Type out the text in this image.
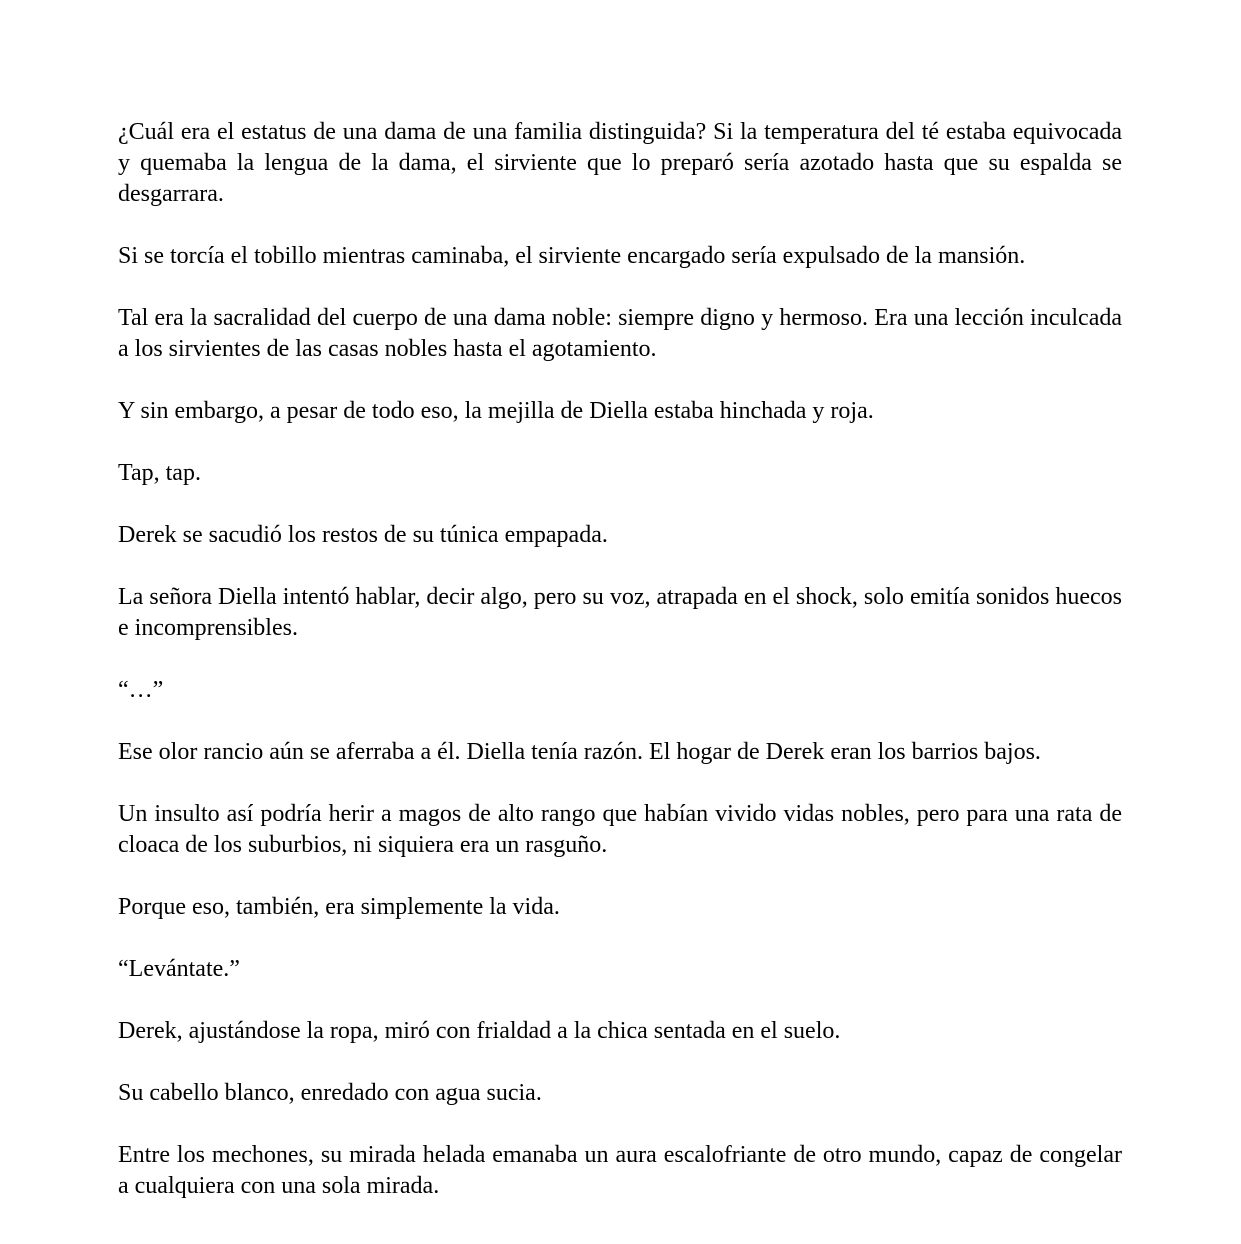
¿Cuál era el estatus de una dama de una familia distinguida? Si la temperatura del té estaba equivocada y quemaba la lengua de la dama, el sirviente que lo preparó sería azotado hasta que su espalda se desgarrara.

Si se torcía el tobillo mientras caminaba, el sirviente encargado sería expulsado de la mansión.

Tal era la sacralidad del cuerpo de una dama noble: siempre digno y hermoso. Era una lección inculcada a los sirvientes de las casas nobles hasta el agotamiento.

Y sin embargo, a pesar de todo eso, la mejilla de Diella estaba hinchada y roja.

Tap, tap.

Derek se sacudió los restos de su túnica empapada.

La señora Diella intentó hablar, decir algo, pero su voz, atrapada en el shock, solo emitía sonidos huecos e incomprensibles.

“…”

Ese olor rancio aún se aferraba a él. Diella tenía razón. El hogar de Derek eran los barrios bajos.

Un insulto así podría herir a magos de alto rango que habían vivido vidas nobles, pero para una rata de cloaca de los suburbios, ni siquiera era un rasguño.

Porque eso, también, era simplemente la vida.

“Levántate.”

Derek, ajustándose la ropa, miró con frialdad a la chica sentada en el suelo.

Su cabello blanco, enredado con agua sucia.

Entre los mechones, su mirada helada emanaba un aura escalofriante de otro mundo, capaz de congelar a cualquiera con una sola mirada.
